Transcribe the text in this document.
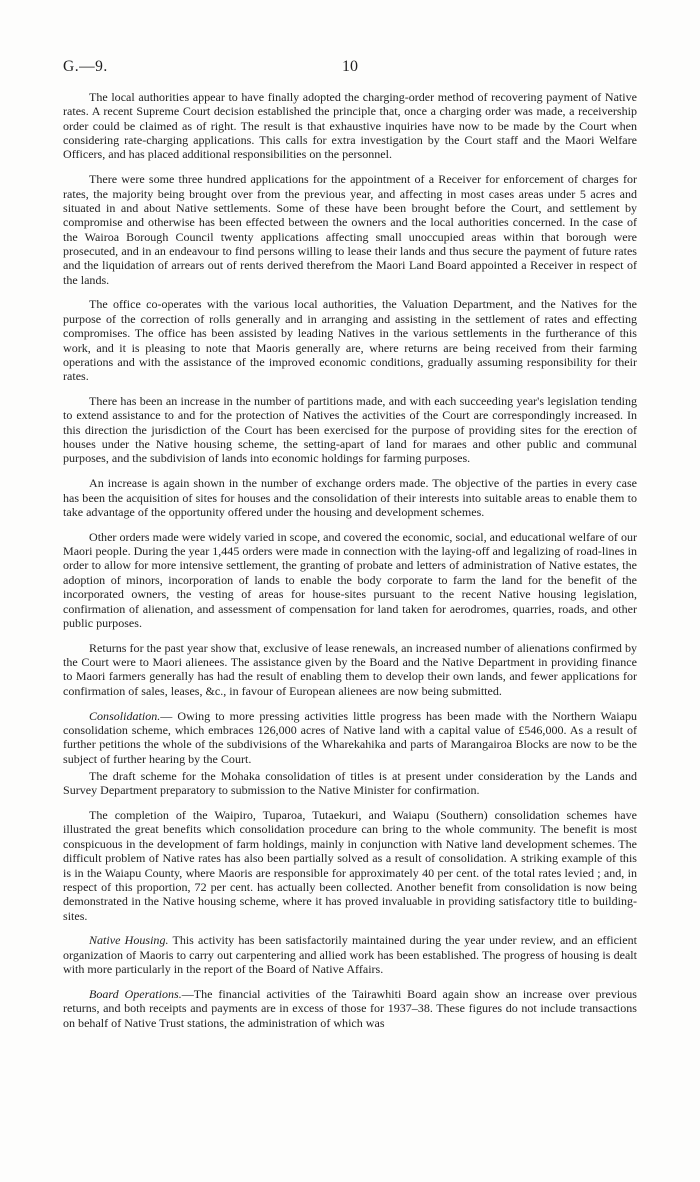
G.—9.	10

The local authorities appear to have finally adopted the charging-order method of recovering payment of Native rates. A recent Supreme Court decision established the principle that, once a charging order was made, a receivership order could be claimed as of right. The result is that exhaustive inquiries have now to be made by the Court when considering rate-charging applications. This calls for extra investigation by the Court staff and the Maori Welfare Officers, and has placed additional responsibilities on the personnel.

There were some three hundred applications for the appointment of a Receiver for enforcement of charges for rates, the majority being brought over from the previous year, and affecting in most cases areas under 5 acres and situated in and about Native settlements. Some of these have been brought before the Court, and settlement by compromise and otherwise has been effected between the owners and the local authorities concerned. In the case of the Wairoa Borough Council twenty applications affecting small unoccupied areas within that borough were prosecuted, and in an endeavour to find persons willing to lease their lands and thus secure the payment of future rates and the liquidation of arrears out of rents derived therefrom the Maori Land Board appointed a Receiver in respect of the lands.

The office co-operates with the various local authorities, the Valuation Department, and the Natives for the purpose of the correction of rolls generally and in arranging and assisting in the settlement of rates and effecting compromises. The office has been assisted by leading Natives in the various settlements in the furtherance of this work, and it is pleasing to note that Maoris generally are, where returns are being received from their farming operations and with the assistance of the improved economic conditions, gradually assuming responsibility for their rates.

There has been an increase in the number of partitions made, and with each succeeding year's legislation tending to extend assistance to and for the protection of Natives the activities of the Court are correspondingly increased. In this direction the jurisdiction of the Court has been exercised for the purpose of providing sites for the erection of houses under the Native housing scheme, the setting-apart of land for maraes and other public and communal purposes, and the subdivision of lands into economic holdings for farming purposes.

An increase is again shown in the number of exchange orders made. The objective of the parties in every case has been the acquisition of sites for houses and the consolidation of their interests into suitable areas to enable them to take advantage of the opportunity offered under the housing and development schemes.

Other orders made were widely varied in scope, and covered the economic, social, and educational welfare of our Maori people. During the year 1,445 orders were made in connection with the laying-off and legalizing of road-lines in order to allow for more intensive settlement, the granting of probate and letters of administration of Native estates, the adoption of minors, incorporation of lands to enable the body corporate to farm the land for the benefit of the incorporated owners, the vesting of areas for house-sites pursuant to the recent Native housing legislation, confirmation of alienation, and assessment of compensation for land taken for aerodromes, quarries, roads, and other public purposes.

Returns for the past year show that, exclusive of lease renewals, an increased number of alienations confirmed by the Court were to Maori alienees. The assistance given by the Board and the Native Department in providing finance to Maori farmers generally has had the result of enabling them to develop their own lands, and fewer applications for confirmation of sales, leases, &c., in favour of European alienees are now being submitted.

Consolidation.— Owing to more pressing activities little progress has been made with the Northern Waiapu consolidation scheme, which embraces 126,000 acres of Native land with a capital value of £546,000. As a result of further petitions the whole of the subdivisions of the Wharekahika and parts of Marangairoa Blocks are now to be the subject of further hearing by the Court.

The draft scheme for the Mohaka consolidation of titles is at present under consideration by the Lands and Survey Department preparatory to submission to the Native Minister for confirmation.

The completion of the Waipiro, Tuparoa, Tutaekuri, and Waiapu (Southern) consolidation schemes have illustrated the great benefits which consolidation procedure can bring to the whole community. The benefit is most conspicuous in the development of farm holdings, mainly in conjunction with Native land development schemes. The difficult problem of Native rates has also been partially solved as a result of consolidation. A striking example of this is in the Waiapu County, where Maoris are responsible for approximately 40 per cent. of the total rates levied ; and, in respect of this proportion, 72 per cent. has actually been collected. Another benefit from consolidation is now being demonstrated in the Native housing scheme, where it has proved invaluable in providing satisfactory title to building-sites.

Native Housing. This activity has been satisfactorily maintained during the year under review, and an efficient organization of Maoris to carry out carpentering and allied work has been established. The progress of housing is dealt with more particularly in the report of the Board of Native Affairs.

Board Operations.—The financial activities of the Tairawhiti Board again show an increase over previous returns, and both receipts and payments are in excess of those for 1937–38. These figures do not include transactions on behalf of Native Trust stations, the administration of which was
